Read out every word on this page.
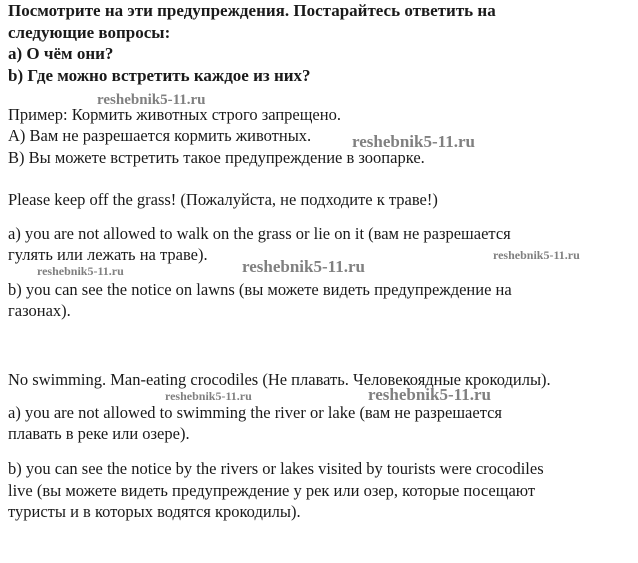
Посмотрите на эти предупреждения. Постарайтесь ответить на
следующие вопросы:
a) О чём они?
b) Где можно встретить каждое из них?
Пример: Кормить животных строго запрещено.
А) Вам не разрешается кормить животных.
В) Вы можете встретить такое предупреждение в зоопарке.
Please keep off the grass! (Пожалуйста, не подходите к траве!)
a) you are not allowed to walk on the grass or lie on it (вам не разрешается
гулять или лежать на траве).
b) you can see the notice on lawns (вы можете видеть предупреждение на
газонах).
No swimming. Man-eating crocodiles (Не плавать. Человекоядные крокодилы).
a) you are not allowed to swimming the river or lake (вам не разрешается
плавать в реке или озере).
b) you can see the notice by the rivers or lakes visited by tourists were crocodiles
live (вы можете видеть предупреждение у рек или озер, которые посещают
туристы и в которых водятся крокодилы).
reshebnik5-11.ru
reshebnik5-11.ru
reshebnik5-11.ru
reshebnik5-11.ru
reshebnik5-11.ru
reshebnik5-11.ru	reshebnik5-11.ru
